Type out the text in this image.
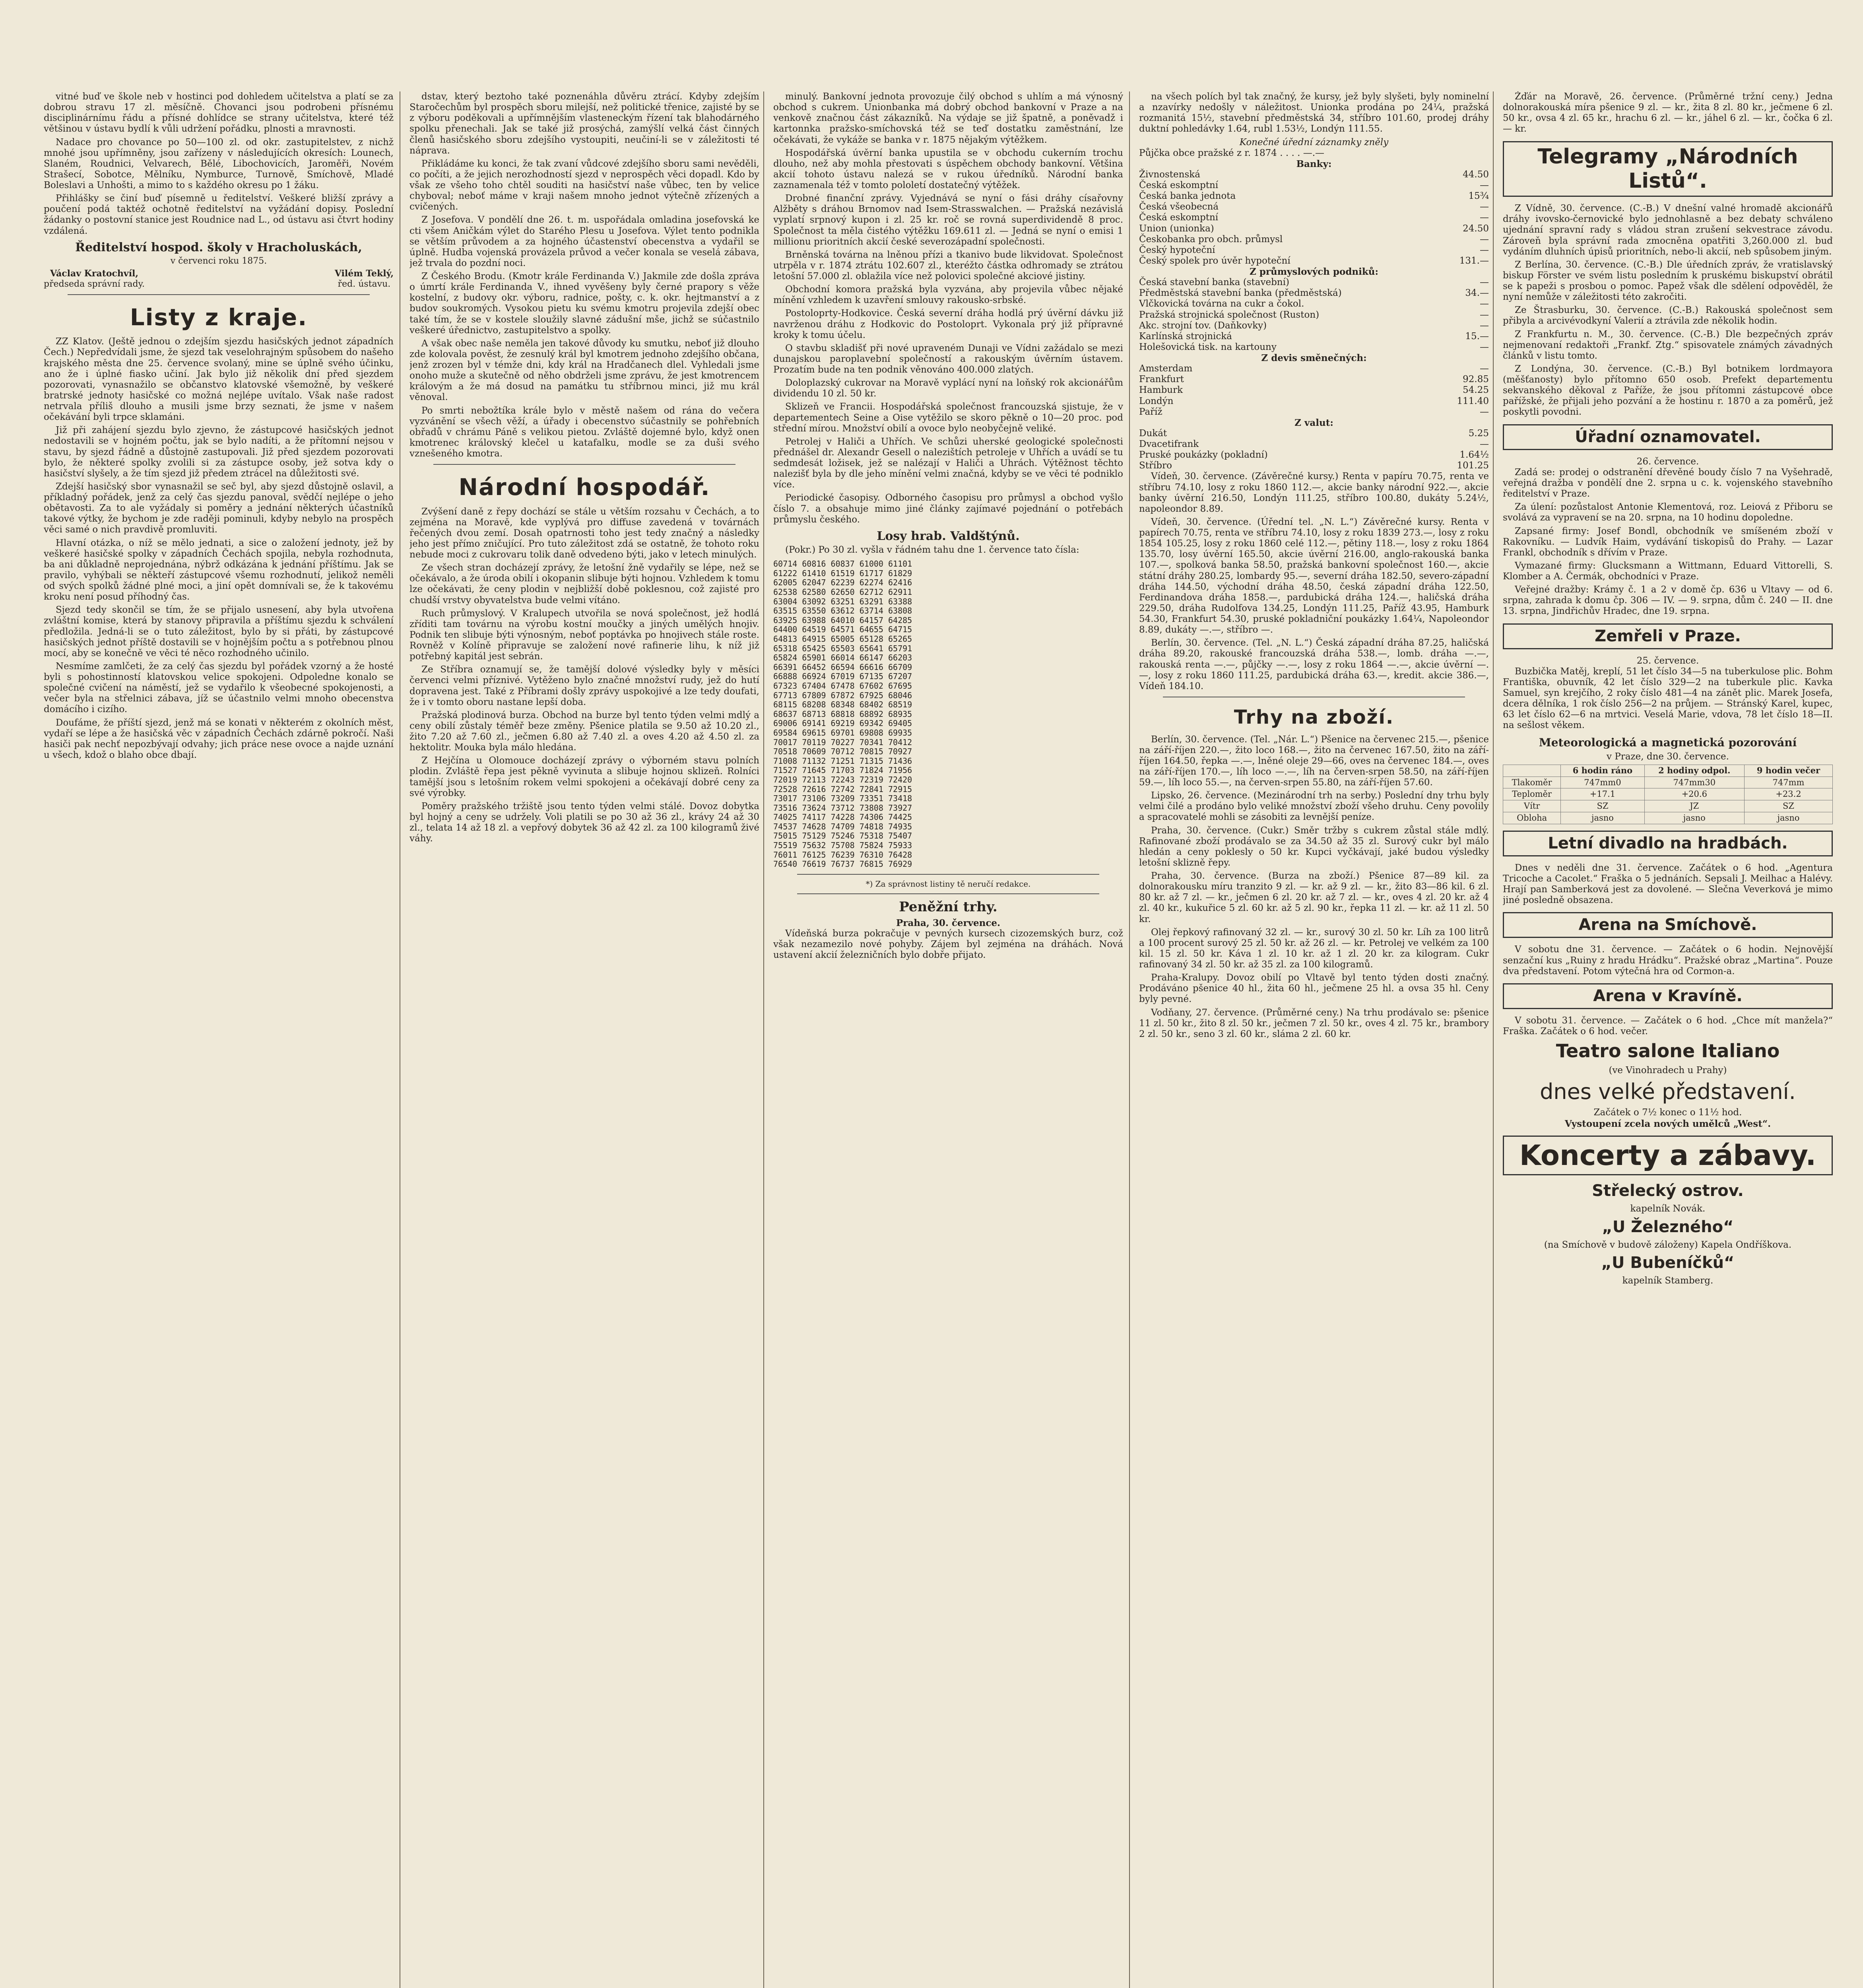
vitné buď ve škole neb v hostinci pod dohledem učitelstva a platí se za dobrou stravu 17 zl. měsíčně. Chovanci jsou podrobeni přísnému disciplinárnímu řádu a přísné dohlídce se strany učitelstva, které též většinou v ústavu bydlí k vůli udržení pořádku, plnosti a mravnosti.

Nadace pro chovance po 50—100 zl. od okr. zastupitelstev, z nichž mnohé jsou upřímněny, jsou zařízeny v následujících okresích: Lounech, Slaném, Roudnici, Velvarech, Bělé, Libochovicích, Jaroměři, Novém Strašecí, Sobotce, Mělníku, Nymburce, Turnově, Smíchově, Mladé Boleslavi a Unhošti, a mimo to s každého okresu po 1 žáku.

Přihlášky se činí buď písemně u ředitelství. Veškeré bližší zprávy a poučení podá taktéž ochotně ředitelství na vyžádání dopisy. Poslední žádanky o postovní stanice jest Roudnice nad L., od ústavu asi čtvrt hodiny vzdálená.

Ředitelství hospod. školy v Hracholuskách,
v červenci roku 1875.
Václav Kratochvíl,
předseda správní rady.
Vilém Teklý,
řed. ústavu.
Listy z kraje.

ZZ Klatov. (Ještě jednou o zdejším sjezdu hasičských jednot západních Čech.) Nepředvídali jsme, že sjezd tak veselohrajným spůsobem do našeho krajského města dne 25. července svolaný, mine se úplně svého účinku, ano že i úplné fiasko učiní. Jak bylo již několik dní před sjezdem pozorovati, vynasnažilo se občanstvo klatovské všemožně, by veškeré bratrské jednoty hasičské co možná nejlépe uvítalo. Však naše radost netrvala příliš dlouho a musili jsme brzy seznati, že jsme v našem očekávání byli trpce sklamáni.

Již při zahájení sjezdu bylo zjevno, že zástupcové hasičských jednot nedostavili se v hojném počtu, jak se bylo nadíti, a že přítomní nejsou v stavu, by sjezd řádně a důstojně zastupovali. Již před sjezdem pozorovati bylo, že některé spolky zvolili si za zástupce osoby, jež sotva kdy o hasičství slyšely, a že tím sjezd již předem ztrácel na důležitosti své.

Zdejší hasičský sbor vynasnažil se seč byl, aby sjezd důstojně oslavil, a příkladný pořádek, jenž za celý čas sjezdu panoval, svědčí nejlépe o jeho obětavosti. Za to ale vyžádaly si poměry a jednání některých účastníků takové výtky, že bychom je zde raději pominuli, kdyby nebylo na prospěch věci samé o nich pravdivě promluviti.

Hlavní otázka, o níž se mělo jednati, a sice o založení jednoty, jež by veškeré hasičské spolky v západních Čechách spojila, nebyla rozhodnuta, ba ani důkladně neprojednána, nýbrž odkázána k jednání příštímu. Jak se pravilo, vyhýbali se někteří zástupcové všemu rozhodnutí, jelikož neměli od svých spolků žádné plné moci, a jiní opět domnívali se, že k takovému kroku není posud příhodný čas.

Sjezd tedy skončil se tím, že se přijalo usnesení, aby byla utvořena zvláštní komise, která by stanovy připravila a příštímu sjezdu k schválení předložila. Jedná-li se o tuto záležitost, bylo by si přáti, by zástupcové hasičských jednot příště dostavili se v hojnějším počtu a s potřebnou plnou mocí, aby se konečně ve věci té něco rozhodného učinilo.

Nesmíme zamlčeti, že za celý čas sjezdu byl pořádek vzorný a že hosté byli s pohostinností klatovskou velice spokojeni. Odpoledne konalo se společné cvičení na náměstí, jež se vydařilo k všeobecné spokojenosti, a večer byla na střelnici zábava, jíž se účastnilo velmi mnoho obecenstva domácího i cizího.

Doufáme, že příští sjezd, jenž má se konati v některém z okolních měst, vydaří se lépe a že hasičská věc v západních Čechách zdárně pokročí. Naši hasiči pak nechť nepozbývají odvahy; jich práce nese ovoce a najde uznání u všech, kdož o blaho obce dbají.

dstav, který beztoho také poznenáhla důvěru ztrácí. Kdyby zdejším Staročechům byl prospěch sboru milejší, než politické třenice, zajisté by se z výboru poděkovali a upřímnějším vlasteneckým řízení tak blahodárného spolku přenechali. Jak se také již prosýchá, zamýšlí velká část činných členů hasičského sboru zdejšího vystoupiti, neučiní-li se v záležitosti té náprava.

Přikládáme ku konci, že tak zvaní vůdcové zdejšího sboru sami nevěděli, co počíti, a že jejich nerozhodností sjezd v neprospěch věci dopadl. Kdo by však ze všeho toho chtěl souditi na hasičství naše vůbec, ten by velice chyboval; neboť máme v kraji našem mnoho jednot výtečně zřízených a cvičených.

Z Josefova. V pondělí dne 26. t. m. uspořádala omladina josefovská ke cti všem Aničkám výlet do Starého Plesu u Josefova. Výlet tento podnikla se větším průvodem a za hojného účastenství obecenstva a vydařil se úplně. Hudba vojenská provázela průvod a večer konala se veselá zábava, jež trvala do pozdní noci.

Z Českého Brodu. (Kmotr krále Ferdinanda V.) Jakmile zde došla zpráva o úmrtí krále Ferdinanda V., ihned vyvěšeny byly černé prapory s věže kostelní, z budovy okr. výboru, radnice, pošty, c. k. okr. hejtmanství a z budov soukromých. Vysokou pietu ku svému kmotru projevila zdejší obec také tím, že se v kostele sloužily slavné zádušní mše, jichž se súčastnilo veškeré úřednictvo, zastupitelstvo a spolky.

A však obec naše neměla jen takové důvody ku smutku, neboť již dlouho zde kolovala pověst, že zesnulý král byl kmotrem jednoho zdejšího občana, jenž zrozen byl v témže dni, kdy král na Hradčanech dlel. Vyhledali jsme onoho muže a skutečně od něho obdrželi jsme zprávu, že jest kmotrencem královým a že má dosud na památku tu stříbrnou minci, již mu král věnoval.

Po smrti nebožtíka krále bylo v městě našem od rána do večera vyzvánění se všech věží, a úřady i obecenstvo súčastnily se pohřebních obřadů v chrámu Páně s velikou pietou. Zvláště dojemné bylo, když onen kmotrenec královský klečel u katafalku, modle se za duši svého vznešeného kmotra.

Národní hospodář.

Zvýšení daně z řepy dochází se stále u větším rozsahu v Čechách, a to zejména na Moravě, kde vyplývá pro diffuse zavedená v továrnách řečených dvou zemí. Dosah opatrnosti toho jest tedy značný a následky jeho jest přímo zničující. Pro tuto záležitost zdá se ostatně, že tohoto roku nebude moci z cukrovaru tolik daně odvedeno býti, jako v letech minulých.

Ze všech stran docházejí zprávy, že letošní žně vydařily se lépe, než se očekávalo, a že úroda obilí i okopanin slibuje býti hojnou. Vzhledem k tomu lze očekávati, že ceny plodin v nejbližší době poklesnou, což zajisté pro chudší vrstvy obyvatelstva bude velmi vítáno.

Ruch průmyslový. V Kralupech utvořila se nová společnost, jež hodlá zříditi tam továrnu na výrobu kostní moučky a jiných umělých hnojiv. Podnik ten slibuje býti výnosným, neboť poptávka po hnojivech stále roste. Rovněž v Kolíně připravuje se založení nové rafinerie lihu, k níž již potřebný kapitál jest sebrán.

Ze Stříbra oznamují se, že tamější dolové výsledky byly v měsíci červenci velmi příznivé. Vytěženo bylo značné množství rudy, jež do hutí dopravena jest. Také z Příbrami došly zprávy uspokojivé a lze tedy doufati, že i v tomto oboru nastane lepší doba.

Pražská plodinová burza. Obchod na burze byl tento týden velmi mdlý a ceny obilí zůstaly téměř beze změny. Pšenice platila se 9.50 až 10.20 zl., žito 7.20 až 7.60 zl., ječmen 6.80 až 7.40 zl. a oves 4.20 až 4.50 zl. za hektolitr. Mouka byla málo hledána.

Z Hejčína u Olomouce docházejí zprávy o výborném stavu polních plodin. Zvláště řepa jest pěkně vyvinuta a slibuje hojnou sklizeň. Rolníci tamější jsou s letošním rokem velmi spokojeni a očekávají dobré ceny za své výrobky.

Poměry pražského tržiště jsou tento týden velmi stálé. Dovoz dobytka byl hojný a ceny se udržely. Voli platili se po 30 až 36 zl., krávy 24 až 30 zl., telata 14 až 18 zl. a vepřový dobytek 36 až 42 zl. za 100 kilogramů živé váhy.

minulý. Bankovní jednota provozuje čilý obchod s uhlím a má výnosný obchod s cukrem. Unionbanka má dobrý obchod bankovní v Praze a na venkově značnou část zákazníků. Na výdaje se již špatně, a poněvadž i kartonnka pražsko-smíchovská též se teď dostatku zaměstnání, lze očekávati, že vykáže se banka v r. 1875 nějakým výtěžkem.

Hospodářská úvěrní banka upustila se v obchodu cukerním trochu dlouho, než aby mohla přestovati s úspěchem obchody bankovní. Většina akcií tohoto ústavu nalezá se v rukou úředníků. Národní banka zaznamenala též v tomto pololetí dostatečný výtěžek.

Drobné finanční zprávy. Vyjednává se nyní o fási dráhy císařovny Alžběty s dráhou Brnomov nad Isem-Strasswalchen. — Pražská nezávislá vyplatí srpnový kupon i zl. 25 kr. roč se rovná superdividendě 8 proc. Společnost ta měla čistého výtěžku 169.611 zl. — Jedná se nyní o emisi 1 millionu prioritních akcií české severozápadní společnosti.

Brněnská továrna na lněnou přízi a tkanivo bude likvidovat. Společnost utrpěla v r. 1874 ztrátu 102.607 zl., kteréžto částka odhromady se ztrátou letošní 57.000 zl. oblažila více než polovici společné akciové jistiny.

Obchodní komora pražská byla vyzvána, aby projevila vůbec nějaké mínění vzhledem k uzavření smlouvy rakousko-srbské.

Postoloprty-Hodkovice. Česká severní dráha hodlá prý úvěrní dávku již navrženou dráhu z Hodkovic do Postoloprt. Vykonala prý již přípravné kroky k tomu účelu.

O stavbu skladišť při nové upraveném Dunaji ve Vídni zažádalo se mezi dunajskou paroplavební společností a rakouským úvěrním ústavem. Prozatím bude na ten podnik věnováno 400.000 zlatých.

Doloplazský cukrovar na Moravě vyplácí nyní na loňský rok akcionářům dividendu 10 zl. 50 kr.

Sklizeň ve Francii. Hospodářská společnost francouzská sjistuje, že v departementech Seine a Oise vytěžilo se skoro pěkně o 10—20 proc. pod střední mírou. Množství obilí a ovoce bylo neobyčejně veliké.

Petrolej v Haliči a Uhřích. Ve schůzi uherské geologické společnosti přednášel dr. Alexandr Gesell o nalezištích petroleje v Uhřích a uvádí se tu sedmdesát ložisek, jež se nalézají v Haliči a Uhrách. Výtěžnost těchto nalezišť byla by dle jeho mínění velmi značná, kdyby se ve věci té podniklo více.

Periodické časopisy. Odborného časopisu pro průmysl a obchod vyšlo číslo 7. a obsahuje mimo jiné články zajímavé pojednání o potřebách průmyslu českého.

Losy hrab. Valdštýnů.

(Pokr.) Po 30 zl. vyšla v řádném tahu dne 1. července tato čísla:

60714 60816 60837 61000 61101
61222 61410 61519 61717 61829
62005 62047 62239 62274 62416
62538 62580 62650 62712 62911
63004 63092 63251 63291 63388
63515 63550 63612 63714 63808
63925 63988 64010 64157 64285
64400 64519 64571 64655 64715
64813 64915 65005 65128 65265
65318 65425 65503 65641 65791
65824 65901 66014 66147 66203
66391 66452 66594 66616 66709
66888 66924 67019 67135 67207
67323 67404 67478 67602 67695
67713 67809 67872 67925 68046
68115 68208 68348 68402 68519
68637 68713 68818 68892 68935
69006 69141 69219 69342 69405
69584 69615 69701 69808 69935
70017 70119 70227 70341 70412
70518 70609 70712 70815 70927
71008 71132 71251 71315 71436
71527 71645 71703 71824 71956
72019 72113 72243 72319 72420
72528 72616 72742 72841 72915
73017 73106 73209 73351 73418
73516 73624 73712 73808 73927
74025 74117 74228 74306 74425
74537 74628 74709 74818 74935
75015 75129 75246 75318 75407
75519 75632 75708 75824 75933
76011 76125 76239 76310 76428
76540 76619 76737 76815 76929
*) Za správnost listiny tě neručí redakce.
Peněžní trhy.
Praha, 30. července.

Vídeňská burza pokračuje v pevných kursech cizozemských burz, což však nezamezilo nové pohyby. Zájem byl zejména na dráhách. Nová ustavení akcií železničních bylo dobře přijato.

na všech polích byl tak značný, že kursy, jež byly slyšeti, byly nominelní a nzavírky nedošly v náležitost. Unionka prodána po 24¼, pražská rozmanitá 15½, stavební předměstská 34, stříbro 101.60, prodej dráhy duktní pohledávky 1.64, rubl 1.53½, Londýn 111.55.

Konečné úřední záznamky zněly
Půjčka obce pražské z r. 1874 . . . . —.—
Banky:
Živnostenská	44.50
Česká eskomptní	—
Česká banka jednota	15¾
Česká všeobecná	—
Česká eskomptní	—
Union (unionka)	24.50
Českobanka pro obch. průmysl	—
Český hypoteční	—
Český spolek pro úvěr hypoteční	131.—
Z průmyslových podniků:
Česká stavební banka (stavební)	—
Předměstská stavební banka (předměstská)	34.—
Vlčkovická továrna na cukr a čokol.	—
Pražská strojnická společnost (Ruston)	—
Akc. strojní tov. (Daňkovky)	—
Karlínská strojnická	15.—
Holešovická tisk. na kartouny	—
Z devis směnečných:
Amsterdam	—
Frankfurt	92.85
Hamburk	54.25
Londýn	111.40
Paříž	—
Z valut:
Dukát	5.25
Dvacetifrank	—
Pruské poukázky (pokladní)	1.64½
Stříbro	101.25

Vídeň, 30. července. (Závěrečné kursy.) Renta v papíru 70.75, renta ve stříbru 74.10, losy z roku 1860 112.—, akcie banky národní 922.—, akcie banky úvěrní 216.50, Londýn 111.25, stříbro 100.80, dukáty 5.24½, napoleondor 8.89.

Vídeň, 30. července. (Úřední tel. „N. L.“) Závěrečné kursy. Renta v papírech 70.75, renta ve stříbru 74.10, losy z roku 1839 273.—, losy z roku 1854 105.25, losy z roku 1860 celé 112.—, pětiny 118.—, losy z roku 1864 135.70, losy úvěrní 165.50, akcie úvěrní 216.00, anglo-rakouská banka 107.—, spolková banka 58.50, pražská bankovní společnost 160.—, akcie státní dráhy 280.25, lombardy 95.—, severní dráha 182.50, severo-západní dráha 144.50, východní dráha 48.50, česká západní dráha 122.50, Ferdinandova dráha 1858.—, pardubická dráha 124.—, haličská dráha 229.50, dráha Rudolfova 134.25, Londýn 111.25, Paříž 43.95, Hamburk 54.30, Frankfurt 54.30, pruské pokladniční poukázky 1.64¼, Napoleondor 8.89, dukáty —.—, stříbro —.

Berlín, 30. července. (Tel. „N. L.“) Česká západní dráha 87.25, haličská dráha 89.20, rakouské francouzská dráha 538.—, lomb. dráha —.—, rakouská renta —.—, půjčky —.—, losy z roku 1864 —.—, akcie úvěrní —.—, losy z roku 1860 111.25, pardubická dráha 63.—, kredit. akcie 386.—, Vídeň 184.10.

Trhy na zboží.

Berlín, 30. července. (Tel. „Nár. L.“) Pšenice na červenec 215.—, pšenice na září-říjen 220.—, žito loco 168.—, žito na červenec 167.50, žito na září-říjen 164.50, řepka —.—, lněné oleje 29—66, oves na červenec 184.—, oves na září-říjen 170.—, líh loco —.—, líh na červen-srpen 58.50, na září-říjen 59.—, líh loco 55.—, na červen-srpen 55.80, na září-říjen 57.60.

Lipsko, 26. července. (Mezinárodní trh na serby.) Poslední dny trhu byly velmi čilé a prodáno bylo veliké množství zboží všeho druhu. Ceny povolily a spracovatelé mohli se zásobiti za levnější peníze.

Praha, 30. července. (Cukr.) Směr tržby s cukrem zůstal stále mdlý. Rafinované zboží prodávalo se za 34.50 až 35 zl. Surový cukr byl málo hledán a ceny poklesly o 50 kr. Kupci vyčkávají, jaké budou výsledky letošní sklizně řepy.

Praha, 30. července. (Burza na zboží.) Pšenice 87—89 kil. za dolnorakousku míru tranzito 9 zl. — kr. až 9 zl. — kr., žito 83—86 kil. 6 zl. 80 kr. až 7 zl. — kr., ječmen 6 zl. 20 kr. až 7 zl. — kr., oves 4 zl. 20 kr. až 4 zl. 40 kr., kukuřice 5 zl. 60 kr. až 5 zl. 90 kr., řepka 11 zl. — kr. až 11 zl. 50 kr.

Olej řepkový rafinovaný 32 zl. — kr., surový 30 zl. 50 kr. Líh za 100 litrů a 100 procent surový 25 zl. 50 kr. až 26 zl. — kr. Petrolej ve velkém za 100 kil. 15 zl. 50 kr. Káva 1 zl. 10 kr. až 1 zl. 20 kr. za kilogram. Cukr rafinovaný 34 zl. 50 kr. až 35 zl. za 100 kilogramů.

Praha-Kralupy. Dovoz obilí po Vltavě byl tento týden dosti značný. Prodáváno pšenice 40 hl., žita 60 hl., ječmene 25 hl. a ovsa 35 hl. Ceny byly pevné.

Vodňany, 27. července. (Průměrné ceny.) Na trhu prodávalo se: pšenice 11 zl. 50 kr., žito 8 zl. 50 kr., ječmen 7 zl. 50 kr., oves 4 zl. 75 kr., brambory 2 zl. 50 kr., seno 3 zl. 60 kr., sláma 2 zl. 60 kr.

Žďár na Moravě, 26. července. (Průměrné tržní ceny.) Jedna dolnorakouská míra pšenice 9 zl. — kr., žita 8 zl. 80 kr., ječmene 6 zl. 50 kr., ovsa 4 zl. 65 kr., hrachu 6 zl. — kr., jáhel 6 zl. — kr., čočka 6 zl. — kr.

Telegramy „Národních Listů“.

Z Vídně, 30. července. (C.-B.) V dnešní valné hromadě akcionářů dráhy ivovsko-černovické bylo jednohlasně a bez debaty schváleno ujednání spravní rady s vládou stran zrušení sekvestrace závodu. Zároveň byla správní rada zmocněna opatřiti 3,260.000 zl. buď vydáním dluhních úpisů prioritních, nebo-li akcií, neb spůsobem jiným.

Z Berlína, 30. července. (C.-B.) Dle úředních zpráv, že vratislavský biskup Förster ve svém listu posledním k pruskému biskupství obrátil se k papeži s prosbou o pomoc. Papež však dle sdělení odpověděl, že nyní nemůže v záležitosti této zakročiti.

Ze Štrasburku, 30. července. (C.-B.) Rakouská společnost sem přibyla a arcivévodkyní Valerií a ztrávila zde několik hodin.

Z Frankfurtu n. M., 30. července. (C.-B.) Dle bezpečných zpráv nejmenovaní redaktoři „Frankf. Ztg.“ spisovatele známých závadných článků v listu tomto.

Z Londýna, 30. července. (C.-B.) Byl botnikem lordmayora (měšťanosty) bylo přítomno 650 osob. Prefekt departementu sekvanského děkoval z Paříže, že jsou přítomni zástupcové obce pařížské, že přijali jeho pozvání a že hostinu r. 1870 a za poměrů, jež poskytli povodni.

Úřadní oznamovatel.
26. července.

Zadá se: prodej o odstranění dřevěné boudy číslo 7 na Vyšehradě, veřejná dražba v pondělí dne 2. srpna u c. k. vojenského stavebního ředitelství v Praze.

Za úlení: pozůstalost Antonie Klementová, roz. Leiová z Přiboru se svolává za vypravení se na 20. srpna, na 10 hodinu dopoledne.

Zapsané firmy: Josef Bondl, obchodník ve smíšeném zboží v Rakovníku. — Ludvík Haim, vydávání tiskopisů do Prahy. — Lazar Frankl, obchodník s dřívím v Praze.

Vymazané firmy: Glucksmann a Wittmann, Eduard Vittorelli, S. Klomber a A. Čermák, obchodníci v Praze.

Veřejné dražby: Krámy č. 1 a 2 v domě čp. 636 u Vltavy — od 6. srpna, zahrada k domu čp. 306 — IV. — 9. srpna, dům č. 240 — II. dne 13. srpna, Jindřichův Hradec, dne 19. srpna.

Zemřeli v Praze.
25. července.

Buzbička Matěj, kreplí, 51 let číslo 34—5 na tuberkulose plic. Bohm Františka, obuvník, 42 let číslo 329—2 na tuberkule plic. Kavka Samuel, syn krejčího, 2 roky číslo 481—4 na zánět plic. Marek Josefa, dcera dělníka, 1 rok číslo 256—2 na průjem. — Stránský Karel, kupec, 63 let číslo 62—6 na mrtvici. Veselá Marie, vdova, 78 let číslo 18—II. na sešlost věkem.

Meteorologická a magnetická pozorování
v Praze, dne 30. července.
	6 hodin ráno	2 hodiny odpol.	9 hodin večer
Tlakoměr	747mm0	747mm30	747mm
Teploměr	+17.1	+20.6	+23.2
Vítr	SZ	JZ	SZ
Obloha	jasno	jasno	jasno
Letní divadlo na hradbách.

Dnes v neděli dne 31. července. Začátek o 6 hod. „Agentura Tricoche a Cacolet.“ Fraška o 5 jednáních. Sepsali J. Meilhac a Halévy. Hrají pan Samberková jest za dovolené. — Slečna Veverková je mimo jiné posledně obsazena.

Arena na Smíchově.

V sobotu dne 31. července. — Začátek o 6 hodin. Nejnovější senzační kus „Ruiny z hradu Hrádku“. Pražské obraz „Martina“. Pouze dva představení. Potom výtečná hra od Cormon-a.

Arena v Kravíně.

V sobotu 31. července. — Začátek o 6 hod. „Chce mít manžela?“ Fraška. Začátek o 6 hod. večer.

Teatro salone Italiano
(ve Vinohradech u Prahy)
dnes velké představení.
Začátek o 7½ konec o 11½ hod.
Vystoupení zcela nových umělců „West“.
Koncerty a zábavy.
Střelecký ostrov.
kapelník Novák.
„U Železného“
(na Smíchově v budově záloženy) Kapela Ondříškova.
„U Bubeníčků“
kapelník Stamberg.
